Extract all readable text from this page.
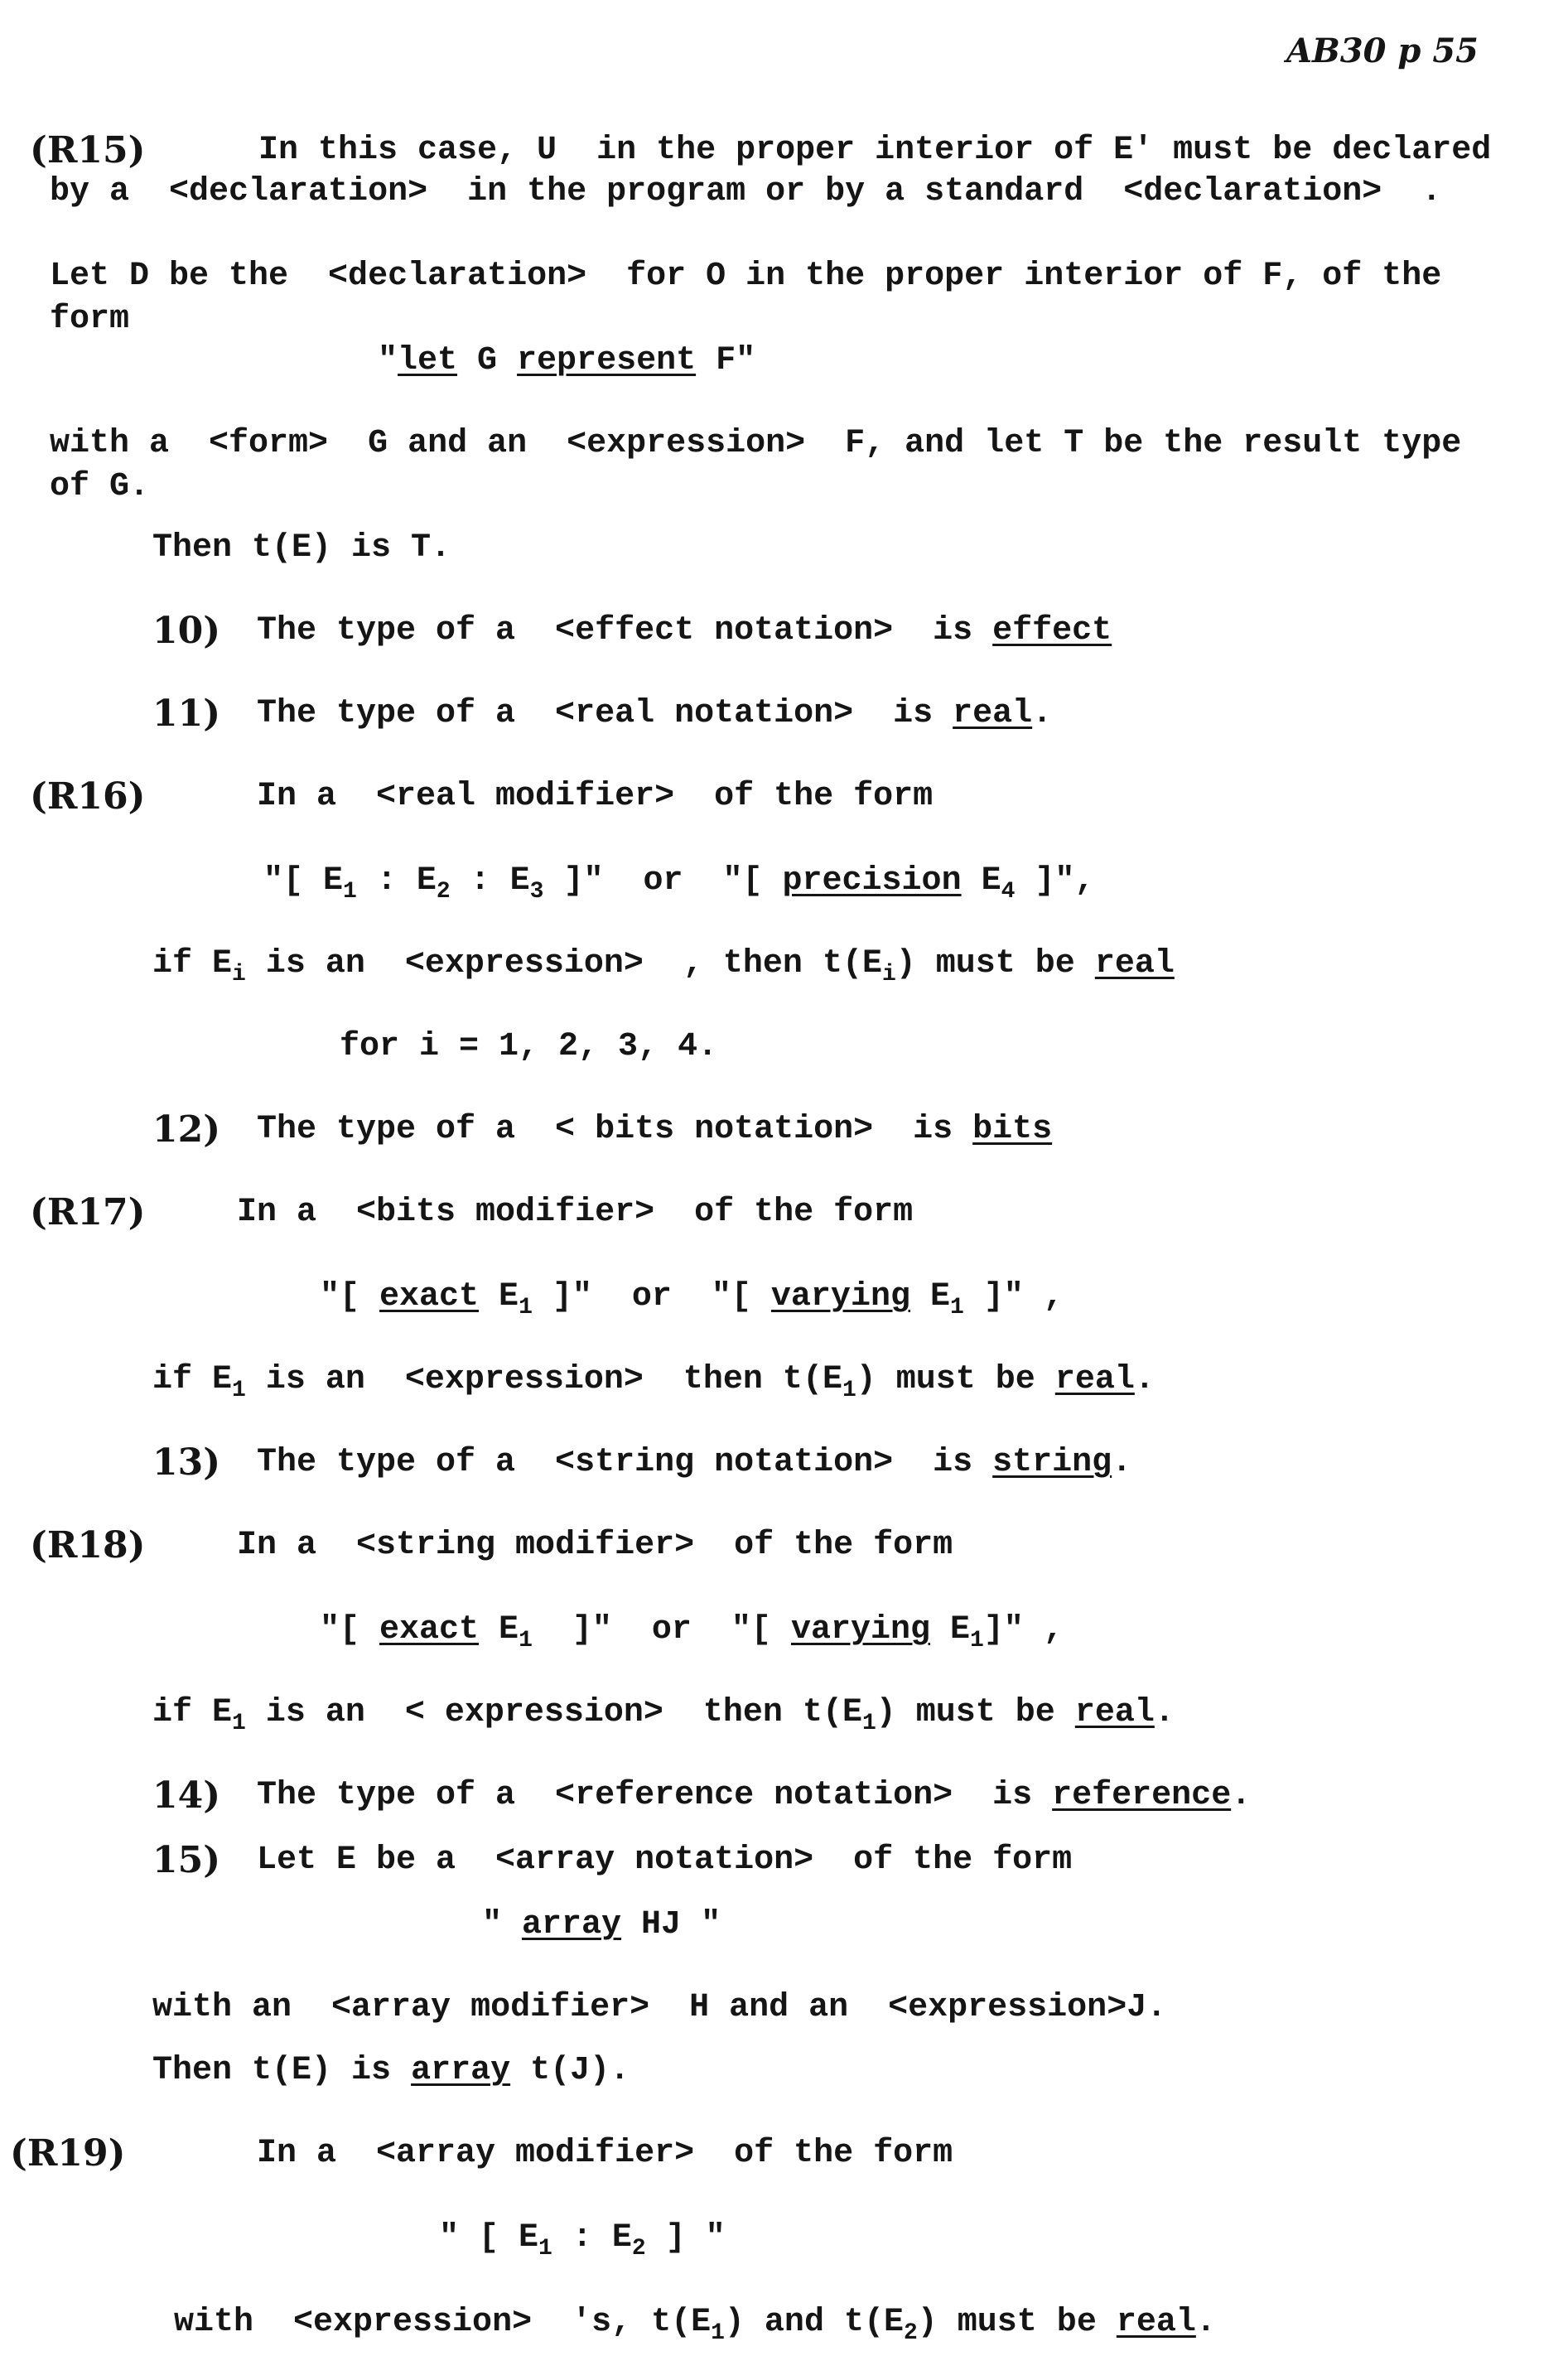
AB30 p 55
(R15)	In this case, U  in the proper interior of E' must be declared
by a  <declaration>  in the program or by a standard  <declaration>  .
Let D be the  <declaration>  for O in the proper interior of F, of the
form
"let G represent F"
with a  <form>  G and an  <expression>  F, and let T be the result type
of G.
Then t(E) is T.
10) The type of a  <effect notation>  is effect
11) The type of a  <real notation>  is real.
(R16)	In a  <real modifier>  of the form
"[ $E_1$ : $E_2$ : $E_3$ ]"  or  "[ precision $E_4$ ]",
if $E_i$ is an  <expression>  , then $t(E_i)$ must be real
for i = 1, 2, 3, 4.
12) The type of a  < bits notation>  is bits
(R17)	In a  <bits modifier>  of the form
"[ exact $E_1$ ]"  or  "[ varying $E_1$ ]" ,
if $E_1$ is an  <expression>  then $t(E_1)$ must be real.
13) The type of a  <string notation>  is string.
(R18)	In a  <string modifier>  of the form
"[ exact $E_1$  ]"  or  "[ varying $E_1$]" ,
if $E_1$ is an  < expression>  then $t(E_1)$ must be real.
14) The type of a  <reference notation>  is reference.
15) Let E be a  <array notation>  of the form
" array HJ "
with an  <array modifier>  H and an  <expression>J.
Then t(E) is array t(J).
(R19)	In a  <array modifier>  of the form
" [ $E_1$ : $E_2$ ] "
with  <expression>  's, $t(E_1)$ and $t(E_2)$ must be real.
